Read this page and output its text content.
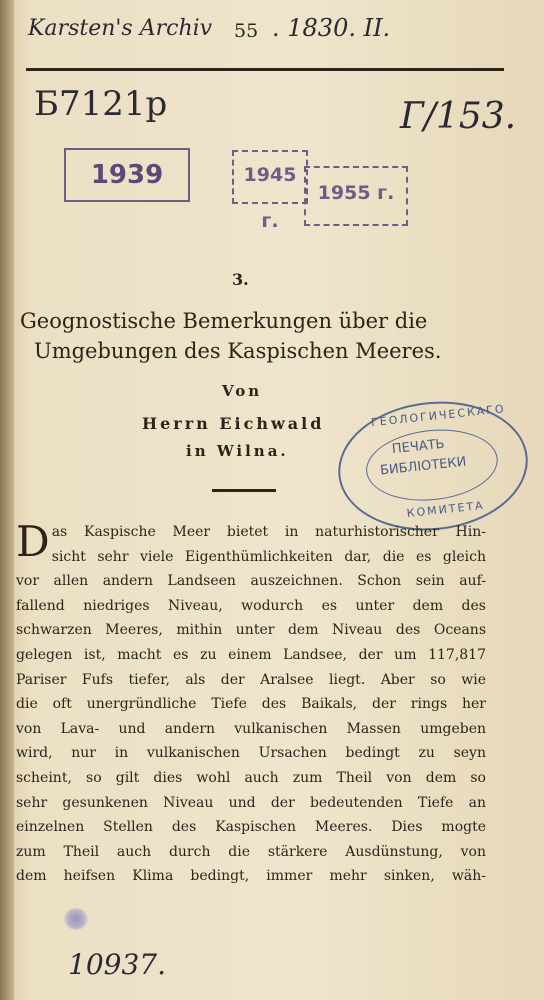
Karsten's Archiv 55 . 1830. II.
Б7121р	Г/153.
1939	1945 г.
1955 г.
3.
Geognostische Bemerkungen über die
Umgebungen des Kaspischen Meeres.
Von
Herrn Eichwald
in Wilna.
ГЕОЛОГИЧЕСКАГО
ПЕЧАТЬ
БИБЛІОТЕКИ
КОМИТЕТА
D as Kaspische Meer bietet in naturhistorischer Hin-
sicht sehr viele Eigenthümlichkeiten dar, die es gleich
vor allen andern Landseen auszeichnen. Schon sein auf-
fallend niedriges Niveau, wodurch es unter dem des
schwarzen Meeres, mithin unter dem Niveau des Oceans
gelegen ist, macht es zu einem Landsee, der um 117,817
Pariser Fufs tiefer, als der Aralsee liegt. Aber so wie
die oft unergründliche Tiefe des Baikals, der rings her
von Lava- und andern vulkanischen Massen umgeben
wird, nur in vulkanischen Ursachen bedingt zu seyn
scheint, so gilt dies wohl auch zum Theil von dem so
sehr gesunkenen Niveau und der bedeutenden Tiefe an
einzelnen Stellen des Kaspischen Meeres. Dies mogte
zum Theil auch durch die stärkere Ausdünstung, von
dem heifsen Klima bedingt, immer mehr sinken, wäh-
10937.
